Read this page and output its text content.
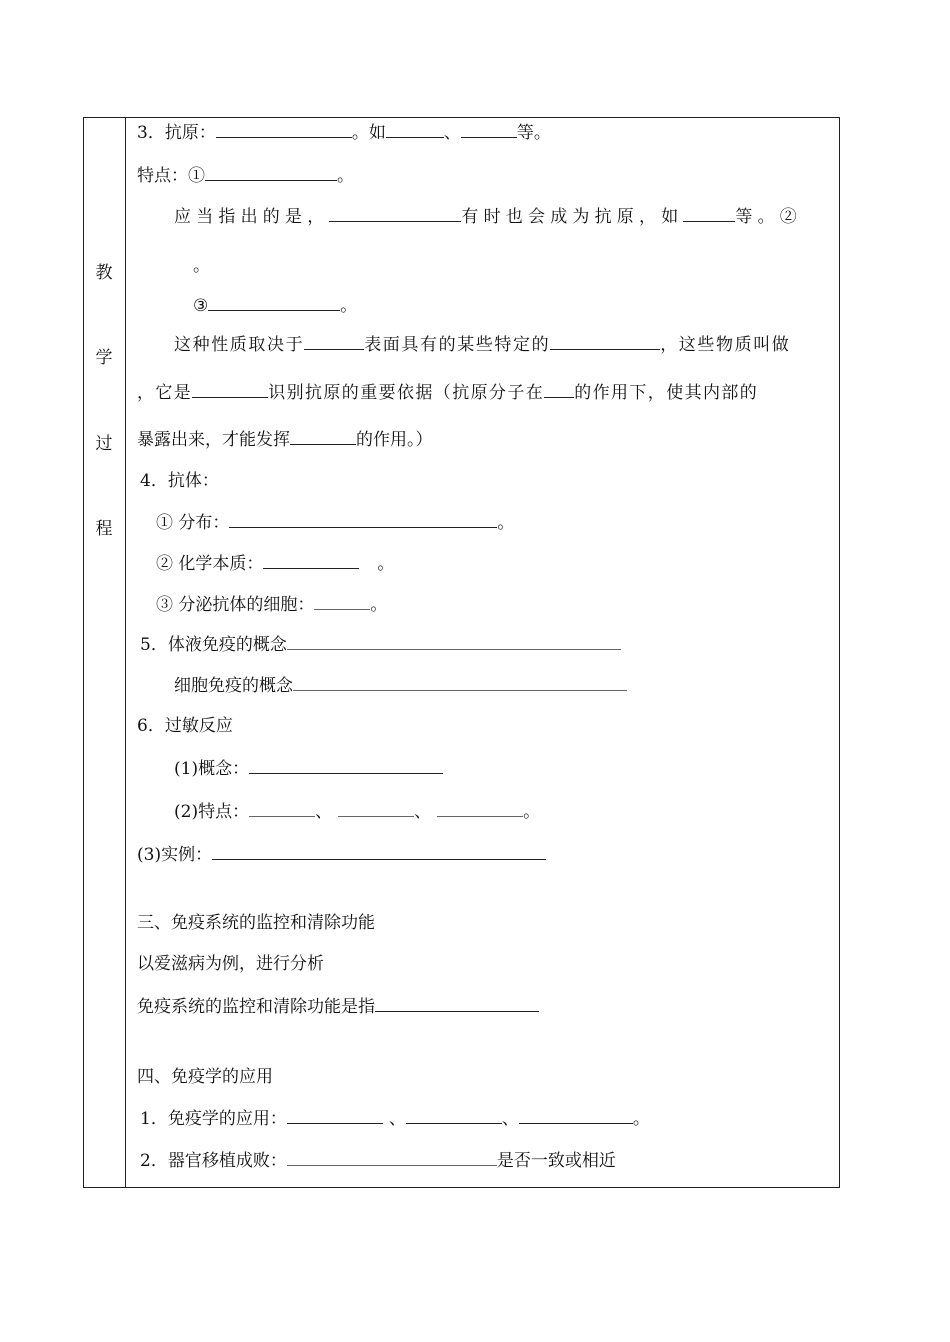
教
学
过
程
3．抗原：	。如	、	等。
特点：①	。
应当指出的是，	有时也会成为抗原，如	等。②
。
③	。
这种性质取决于	表面具有的某些特定的	，这些物质叫做
，它是	识别抗原的重要依据（抗原分子在 的作用下，使其内部的
暴露出来，才能发挥	的作用。）
4．抗体：
① 分布：	。
② 化学本质：	。
③ 分泌抗体的细胞：	。
5．体液免疫的概念
细胞免疫的概念
6．过敏反应
(1)概念：
(2)特点：	、	、	。
(3)实例：
三、免疫系统的监控和清除功能
以爱滋病为例，进行分析
免疫系统的监控和清除功能是指
四、免疫学的应用
1．免疫学的应用：	、	、	。
2．器官移植成败：	是否一致或相近
